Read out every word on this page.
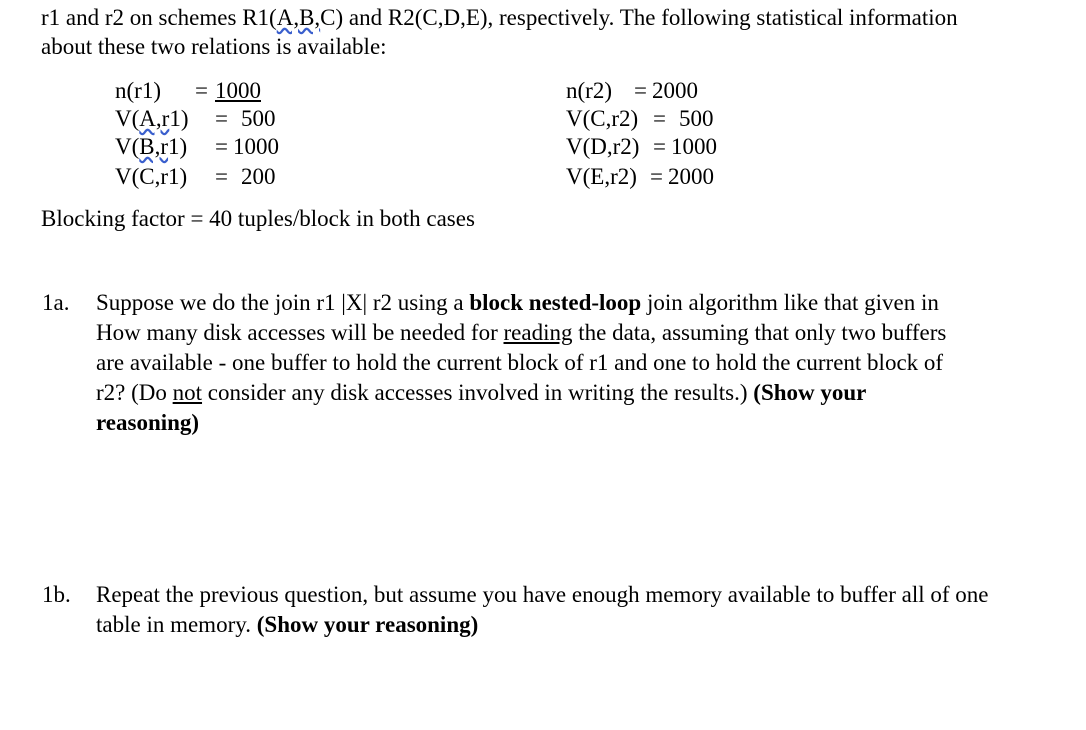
r1 and r2 on schemes R1(A,B,C) and R2(C,D,E), respectively. The following statistical information
about these two relations is available:
n(r1) = 1000
V(A,r1) = 500
V(B,r1) = 1000
V(C,r1) = 200
n(r2) = 2000
V(C,r2) = 500
V(D,r2) = 1000
V(E,r2) = 2000
Blocking factor = 40 tuples/block in both cases
1a. Suppose we do the join r1 |X| r2 using a block nested-loop join algorithm like that given in
How many disk accesses will be needed for reading the data, assuming that only two buffers
are available - one buffer to hold the current block of r1 and one to hold the current block of
r2? (Do not consider any disk accesses involved in writing the results.) (Show your
reasoning)
1b. Repeat the previous question, but assume you have enough memory available to buffer all of one
table in memory. (Show your reasoning)
